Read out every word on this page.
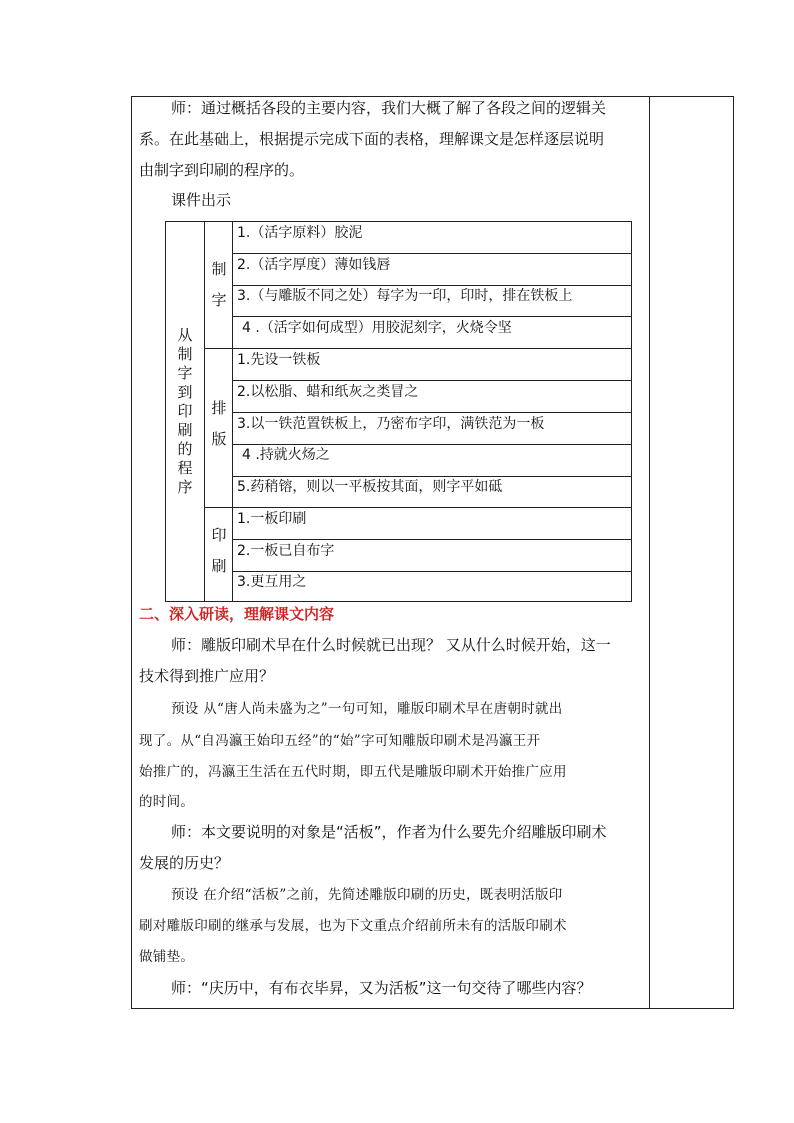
师：通过概括各段的主要内容，我们大概了解了各段之间的逻辑关

系。在此基础上，根据提示完成下面的表格，理解课文是怎样逐层说明

由制字到印刷的程序的。

课件出示

从
制
字
到
印
刷
的
程
序
制
字
排
版
印
刷
1.（活字原料）胶泥
2.（活字厚度）薄如钱唇
3.（与雕版不同之处）每字为一印，印时，排在铁板上
4 .（活字如何成型）用胶泥刻字，火烧令坚
1.先设一铁板
2.以松脂、蜡和纸灰之类冒之
3.以一铁范置铁板上，乃密布字印，满铁范为一板
4 .持就火炀之
5.药稍镕，则以一平板按其面，则字平如砥
1.一板印刷
2.一板已自布字
3.更互用之

二、深入研读，理解课文内容

师：雕版印刷术早在什么时候就已出现？ 又从什么时候开始，这一

技术得到推广应用？

预设 从“唐人尚未盛为之”一句可知，雕版印刷术早在唐朝时就出

现了。从“自冯瀛王始印五经”的“始”字可知雕版印刷术是冯瀛王开

始推广的，冯瀛王生活在五代时期，即五代是雕版印刷术开始推广应用

的时间。

师：本文要说明的对象是“活板”，作者为什么要先介绍雕版印刷术

发展的历史？

预设 在介绍“活板”之前，先简述雕版印刷的历史，既表明活版印

刷对雕版印刷的继承与发展，也为下文重点介绍前所未有的活版印刷术

做铺垫。

师：“庆历中，有布衣毕昇，又为活板”这一句交待了哪些内容？
